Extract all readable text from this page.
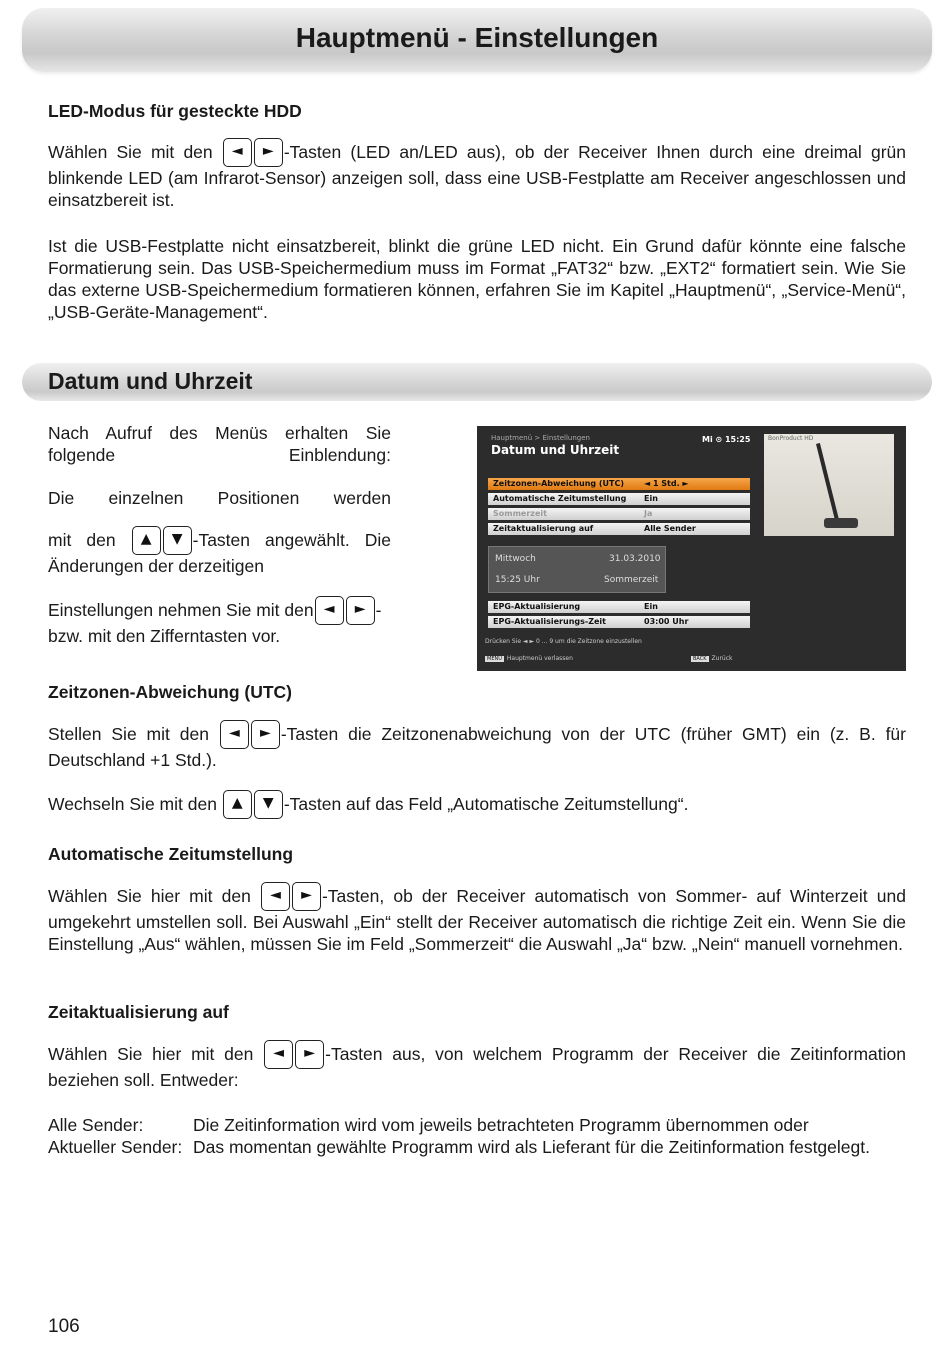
Hauptmenü - Einstellungen
LED-Modus für gesteckte HDD

Wählen Sie mit den ◄ ► -Tasten (LED an/LED aus), ob der Receiver Ihnen durch eine dreimal grün blinkende LED (am Infrarot-Sensor) anzeigen soll, dass eine USB-Festplatte am Receiver angeschlossen und einsatzbereit ist.

Ist die USB-Festplatte nicht einsatzbereit, blinkt die grüne LED nicht. Ein Grund dafür könnte eine falsche Formatierung sein. Das USB-Speichermedium muss im Format „FAT32“ bzw. „EXT2“ formatiert sein. Wie Sie das externe USB-Speichermedium formatieren können, erfahren Sie im Kapitel „Hauptmenü“, „Service-Menü“, „USB-Geräte-Management“.

Datum und Uhrzeit

Nach Aufruf des Menüs erhalten Sie folgende Einblendung:

Die einzelnen Positionen werden

mit den ▲ ▼ -Tasten angewählt. Die Änderungen der derzeitigen

Einstellungen nehmen Sie mit den ◄ ► - bzw. mit den Zifferntasten vor.

Hauptmenü > Einstellungen
Datum und Uhrzeit
Mi ⊙ 15:25	BonProduct HD
Zeitzonen-Abweichung (UTC) ◄ 1 Std. ►
Automatische Zeitumstellung Ein
Sommerzeit	Ja
Zeitaktualisierung auf	Alle Sender
Mittwoch	31.03.2010
15:25 Uhr	Sommerzeit
EPG-Aktualisierung	Ein
EPG-Aktualisierungs-Zeit	03:00 Uhr
Drücken Sie ◄ ► 0 ... 9 um die Zeitzone einzustellen
MENU Hauptmenü verlassen	BACK Zurück
Zeitzonen-Abweichung (UTC)

Stellen Sie mit den ◄ ► -Tasten die Zeitzonenabweichung von der UTC (früher GMT) ein (z. B. für Deutschland +1 Std.).

Wechseln Sie mit den ▲ ▼ -Tasten auf das Feld „Automatische Zeitumstellung“.

Automatische Zeitumstellung

Wählen Sie hier mit den ◄ ► -Tasten, ob der Receiver automatisch von Sommer- auf Winterzeit und umgekehrt umstellen soll. Bei Auswahl „Ein“ stellt der Receiver automatisch die richtige Zeit ein. Wenn Sie die Einstellung „Aus“ wählen, müssen Sie im Feld „Sommerzeit“ die Auswahl „Ja“ bzw. „Nein“ manuell vornehmen.

Zeitaktualisierung auf

Wählen Sie hier mit den ◄ ► -Tasten aus, von welchem Programm der Receiver die Zeitinformation beziehen soll. Entweder:

Alle Sender:	Die Zeitinformation wird vom jeweils betrachteten Programm übernommen oder
Aktueller Sender: Das momentan gewählte Programm wird als Lieferant für die Zeitinformation festgelegt.
106
